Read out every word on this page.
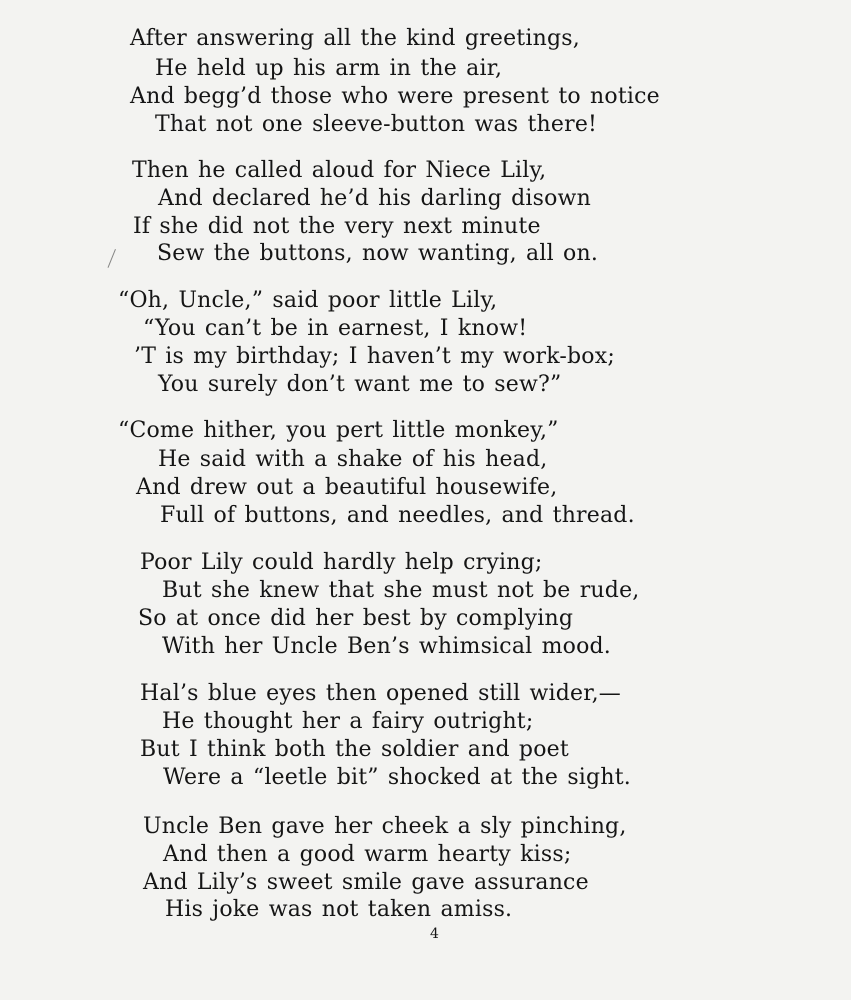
After answering all the kind greetings,
He held up his arm in the air,
And begg’d those who were present to notice
That not one sleeve-button was there!
Then he called aloud for Niece Lily,
And declared he’d his darling disown
If she did not the very next minute
Sew the buttons, now wanting, all on.
“Oh, Uncle,” said poor little Lily,
“You can’t be in earnest, I know!
’T is my birthday; I haven’t my work-box;
You surely don’t want me to sew?”
“Come hither, you pert little monkey,”
He said with a shake of his head,
And drew out a beautiful housewife,
Full of buttons, and needles, and thread.
Poor Lily could hardly help crying;
But she knew that she must not be rude,
So at once did her best by complying
With her Uncle Ben’s whimsical mood.
Hal’s blue eyes then opened still wider,—
He thought her a fairy outright;
But I think both the soldier and poet
Were a “leetle bit” shocked at the sight.
Uncle Ben gave her cheek a sly pinching,
And then a good warm hearty kiss;
And Lily’s sweet smile gave assurance
His joke was not taken amiss.
4
